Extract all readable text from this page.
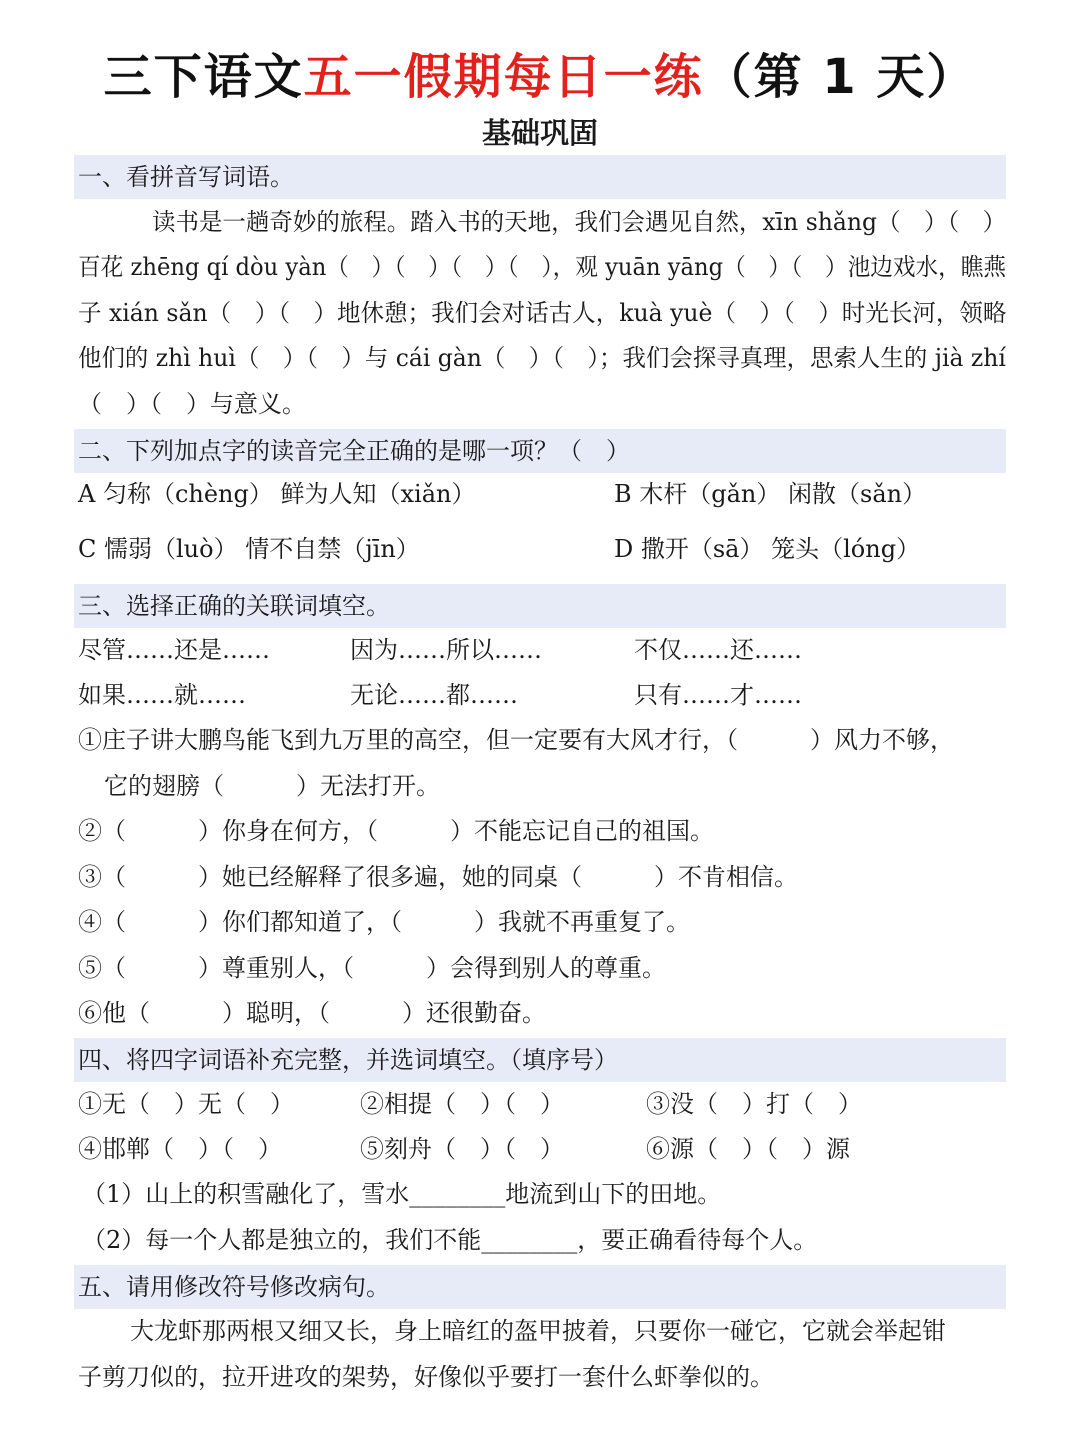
三下语文五一假期每日一练（第 1 天）
基础巩固
一、看拼音写词语。
读书是一趟奇妙的旅程。踏入书的天地，我们会遇见自然，xīn shǎng（　）（　）
百花 zhēng qí dòu yàn（　）（　）（　）（　），观 yuān yāng（　）（　）池边戏水，瞧燕
子 xián sǎn（　）（　）地休憩；我们会对话古人，kuà yuè（　）（　）时光长河，领略
他们的 zhì huì（　）（　）与 cái gàn（　）（　）；我们会探寻真理，思索人生的 jià zhí
（　）（　）与意义。
二、下列加点字的读音完全正确的是哪一项？（　）
A 匀称（chèng） 鲜为人知（xiǎn）	B 木杆（gǎn） 闲散（sǎn）
C 懦弱（luò） 情不自禁（jīn）	D 撒开（sā） 笼头（lóng）
三、选择正确的关联词填空。
尽管……还是……	因为……所以……	不仅……还……
如果……就……	无论……都……	只有……才……
①庄子讲大鹏鸟能飞到九万里的高空，但一定要有大风才行，（　　　）风力不够，
它的翅膀（　　　）无法打开。
②（　　　）你身在何方，（　　　）不能忘记自己的祖国。
③（　　　）她已经解释了很多遍，她的同桌（　　　）不肯相信。
④（　　　）你们都知道了，（　　　）我就不再重复了。
⑤（　　　）尊重别人，（　　　）会得到别人的尊重。
⑥他（　　　）聪明，（　　　）还很勤奋。
四、将四字词语补充完整，并选词填空。（填序号）
①无（　）无（　）	②相提（　）（　）	③没（　）打（　）
④邯郸（　）（　）	⑤刻舟（　）（　）	⑥源（　）（　）源
（1）山上的积雪融化了，雪水________地流到山下的田地。
（2）每一个人都是独立的，我们不能________，要正确看待每个人。
五、请用修改符号修改病句。
大龙虾那两根又细又长，身上暗红的盔甲披着，只要你一碰它，它就会举起钳
子剪刀似的，拉开进攻的架势，好像似乎要打一套什么虾拳似的。
